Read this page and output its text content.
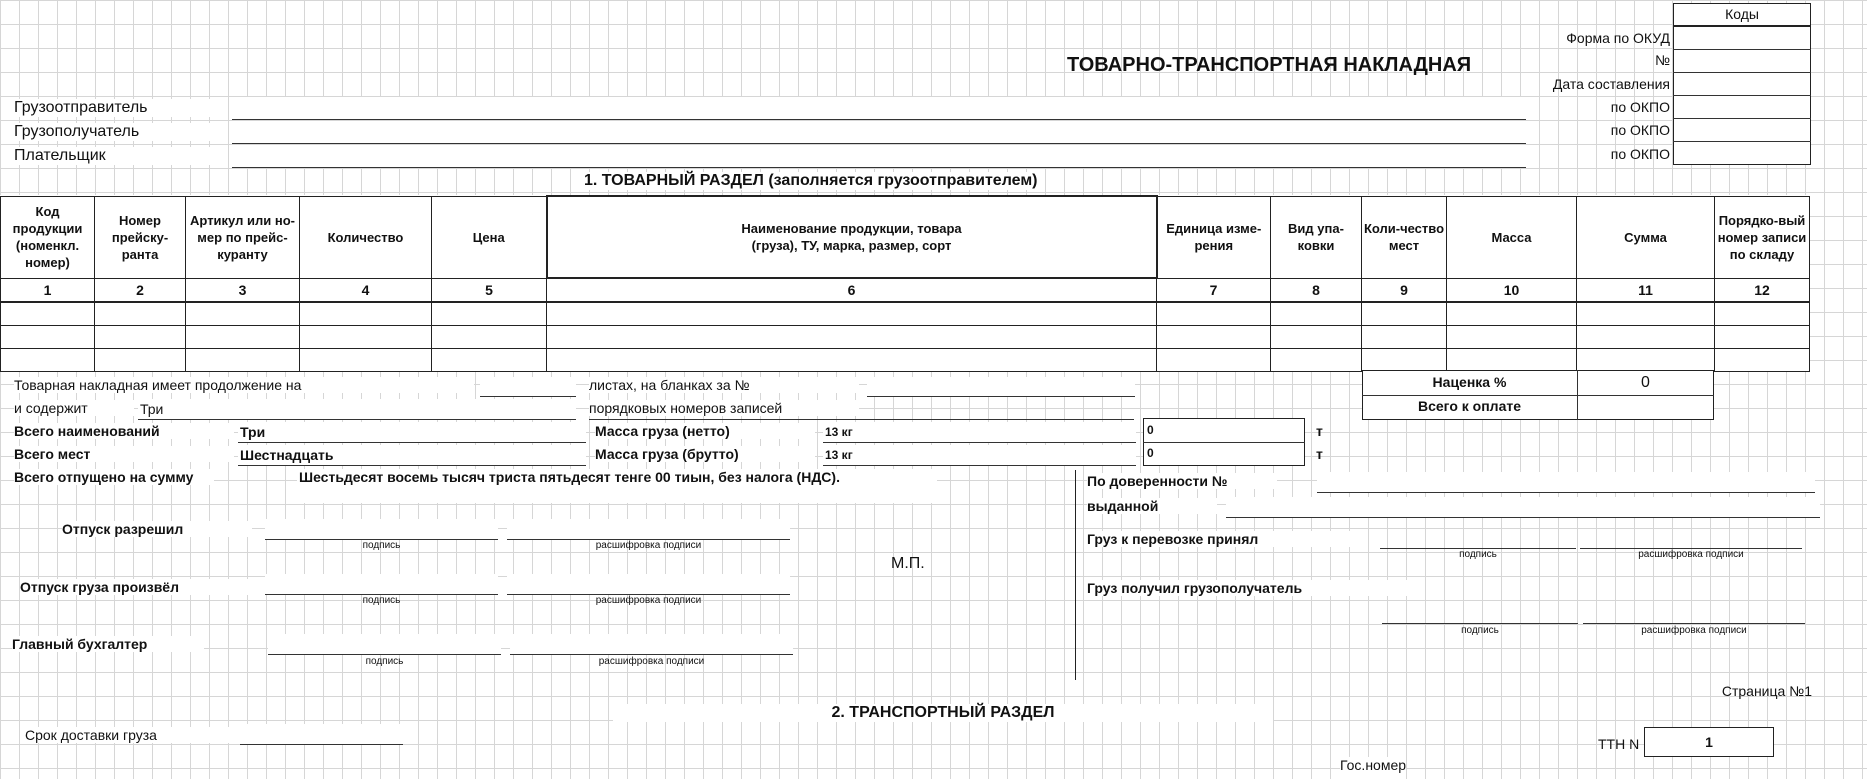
Коды
Форма по ОКУД
№
Дата составления
по ОКПО
по ОКПО
по ОКПО
ТОВАРНО-ТРАНСПОРТНАЯ НАКЛАДНАЯ
Грузоотправитель
Грузополучатель
Плательщик
1. ТОВАРНЫЙ РАЗДЕЛ (заполняется грузоотправителем)
Код продукции (номенкл. номер)	Номер прейску-ранта	Артикул или но-мер по прейс-куранту	Количество	Цена	Наименование продукции, товара (груза), ТУ, марка, размер, сорт	Единица изме-рения	Вид упа-ковки	Коли-чество мест	Масса	Сумма	Порядко-вый номер записи по складу
1	2	3	4	5	6	7	8	9	10	11	12

Товарная накладная имеет продолжение на	листах, на бланках за №
и содержит	Три	порядковых номеров записей
Наценка %	0
Всего к оплате
Всего наименований	Три	Масса груза (нетто)	13 кг	0	т
Всего мест	Шестнадцать	Масса груза (брутто)	13 кг	0	т
Всего отпущено на сумму	Шестьдесят восемь тысяч триста пятьдесят тенге 00 тиын, без налога (НДС).
Отпуск разрешил
подпись	расшифровка подписи
М.П.
Отпуск груза произвёл
подпись	расшифровка подписи
Главный бухгалтер
подпись	расшифровка подписи
По доверенности №
выданной
Груз к перевозке принял
подпись	расшифровка подписи
Груз получил грузополучатель
подпись	расшифровка подписи
Страница №1
2. ТРАНСПОРТНЫЙ РАЗДЕЛ
Срок доставки груза
ТТН N	1
Гос.номер
